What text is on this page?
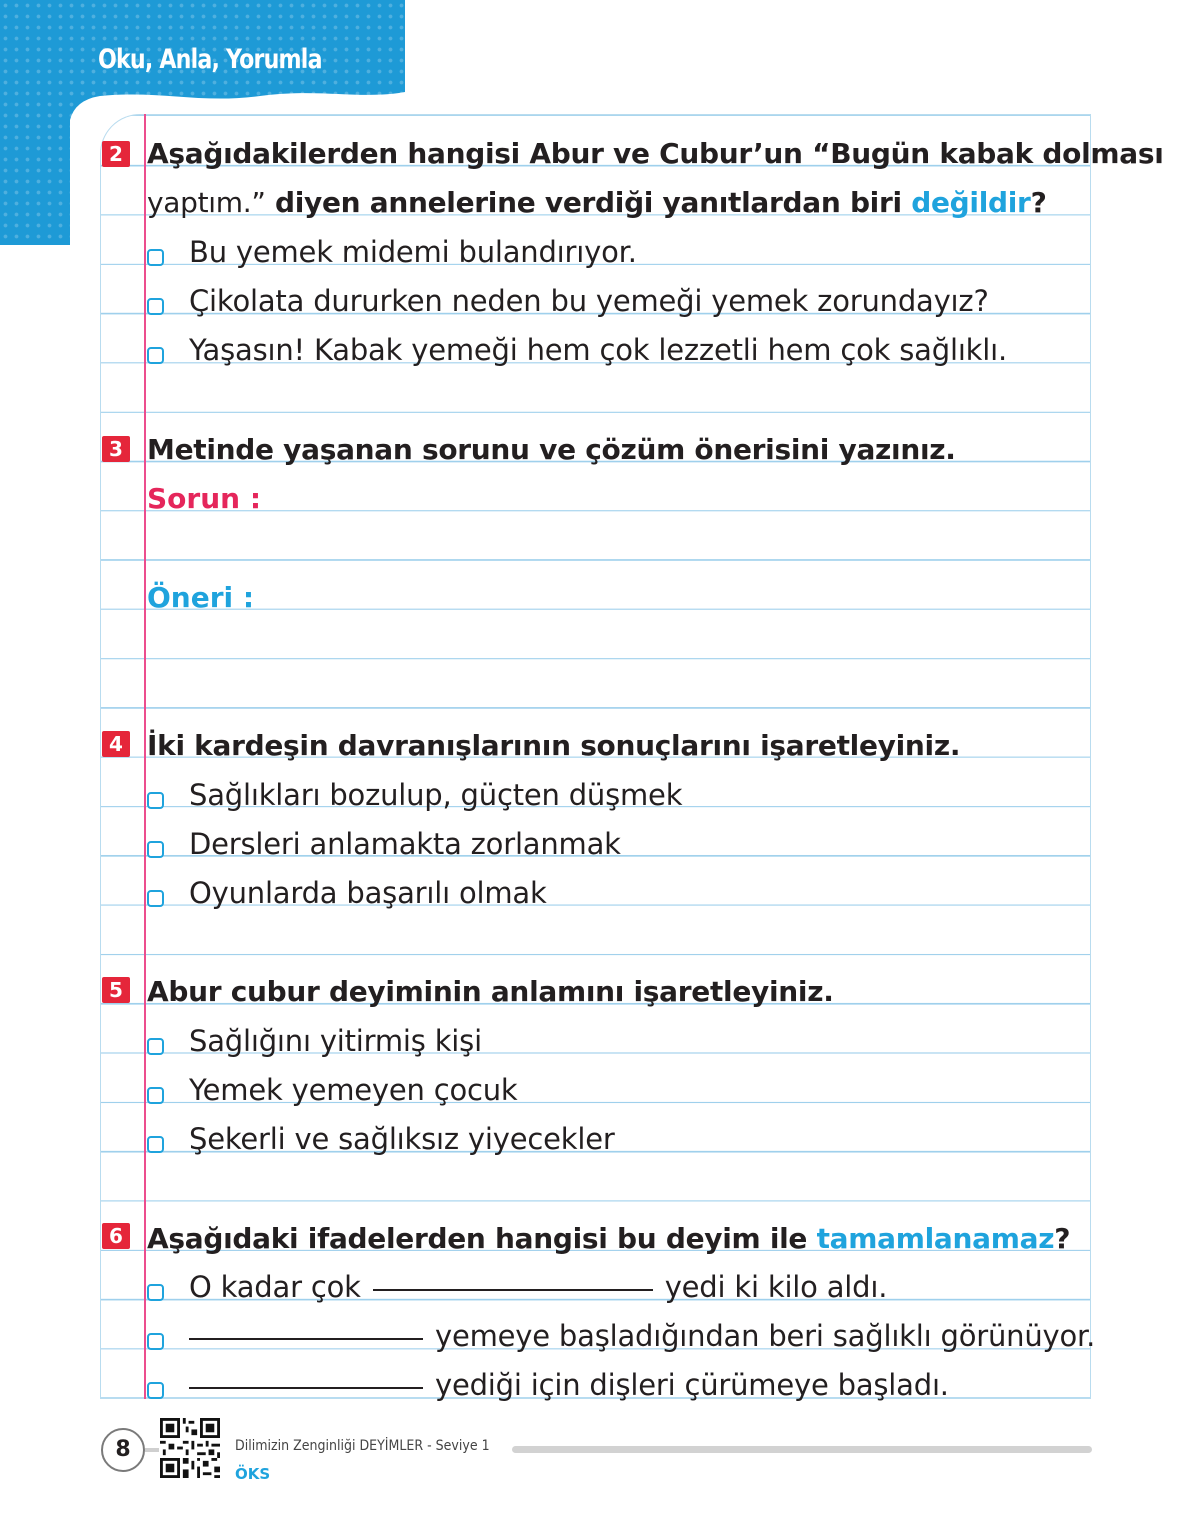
Oku, Anla, Yorumla
2 Aşağıdakilerden hangisi Abur ve Cubur’un “Bugün kabak dolması
yaptım.” diyen annelerine verdiği yanıtlardan biri değildir?
Bu yemek midemi bulandırıyor.
Çikolata dururken neden bu yemeği yemek zorundayız?
Yaşasın! Kabak yemeği hem çok lezzetli hem çok sağlıklı.
3 Metinde yaşanan sorunu ve çözüm önerisini yazınız.
Sorun :
Öneri :
4 İki kardeşin davranışlarının sonuçlarını işaretleyiniz.
Sağlıkları bozulup, güçten düşmek
Dersleri anlamakta zorlanmak
Oyunlarda başarılı olmak
5 Abur cubur deyiminin anlamını işaretleyiniz.
Sağlığını yitirmiş kişi
Yemek yemeyen çocuk
Şekerli ve sağlıksız yiyecekler
6 Aşağıdaki ifadelerden hangisi bu deyim ile tamamlanamaz?
O kadar çok	yedi ki kilo aldı.
yemeye başladığından beri sağlıklı görünüyor.
yediği için dişleri çürümeye başladı.
8	Dilimizin Zenginliği DEYİMLER - Seviye 1
ÖKS
